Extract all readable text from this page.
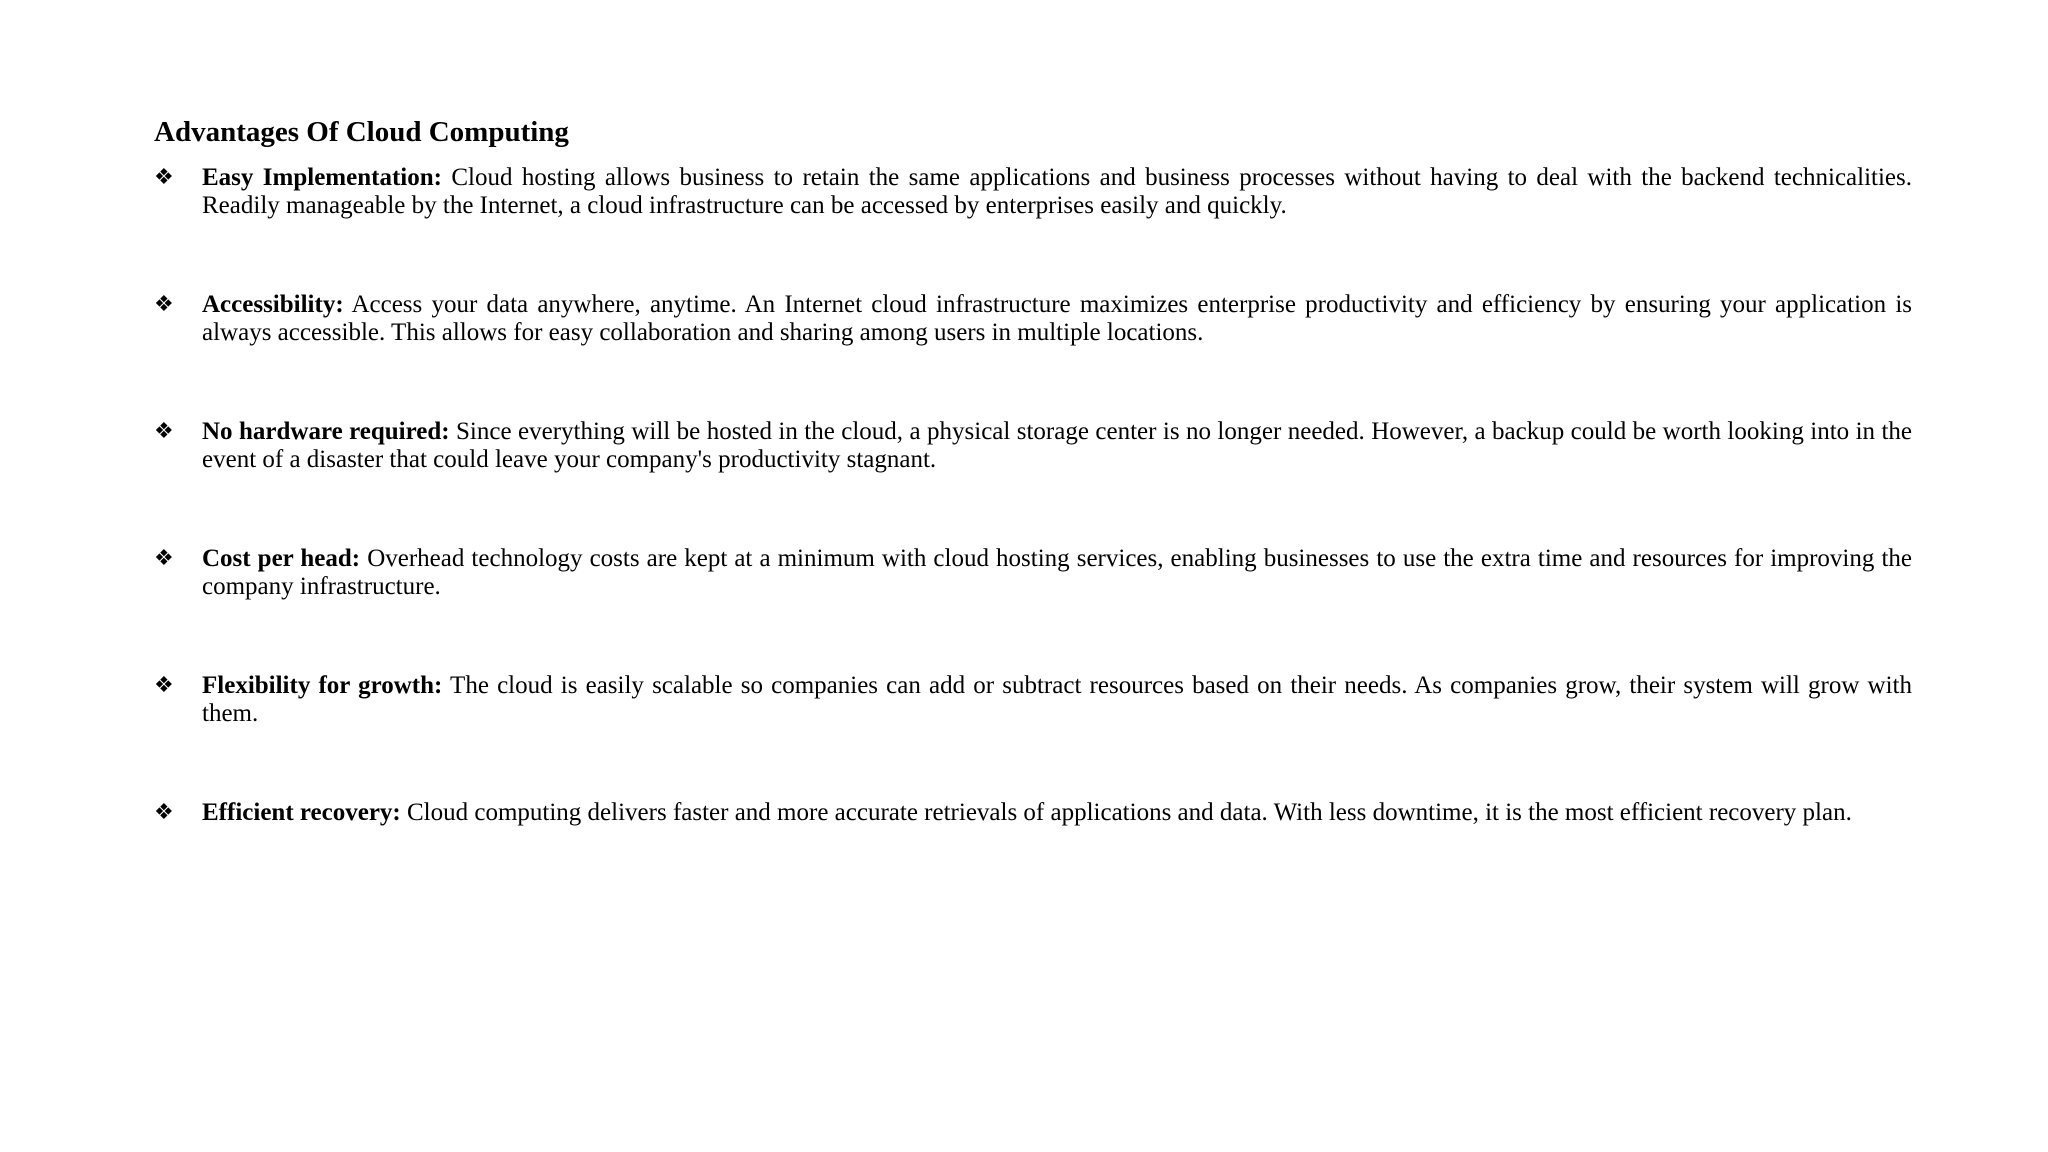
Advantages Of Cloud Computing
❖ Easy Implementation: Cloud hosting allows business to retain the same applications and business processes without having to deal with the backend technicalities. Readily manageable by the Internet, a cloud infrastructure can be accessed by enterprises easily and quickly.
❖ Accessibility: Access your data anywhere, anytime. An Internet cloud infrastructure maximizes enterprise productivity and efficiency by ensuring your application is always accessible. This allows for easy collaboration and sharing among users in multiple locations.
❖ No hardware required: Since everything will be hosted in the cloud, a physical storage center is no longer needed. However, a backup could be worth looking into in the event of a disaster that could leave your company's productivity stagnant.
❖ Cost per head: Overhead technology costs are kept at a minimum with cloud hosting services, enabling businesses to use the extra time and resources for improving the company infrastructure.
❖ Flexibility for growth: The cloud is easily scalable so companies can add or subtract resources based on their needs. As companies grow, their system will grow with them.
❖ Efficient recovery: Cloud computing delivers faster and more accurate retrievals of applications and data. With less downtime, it is the most efficient recovery plan.
